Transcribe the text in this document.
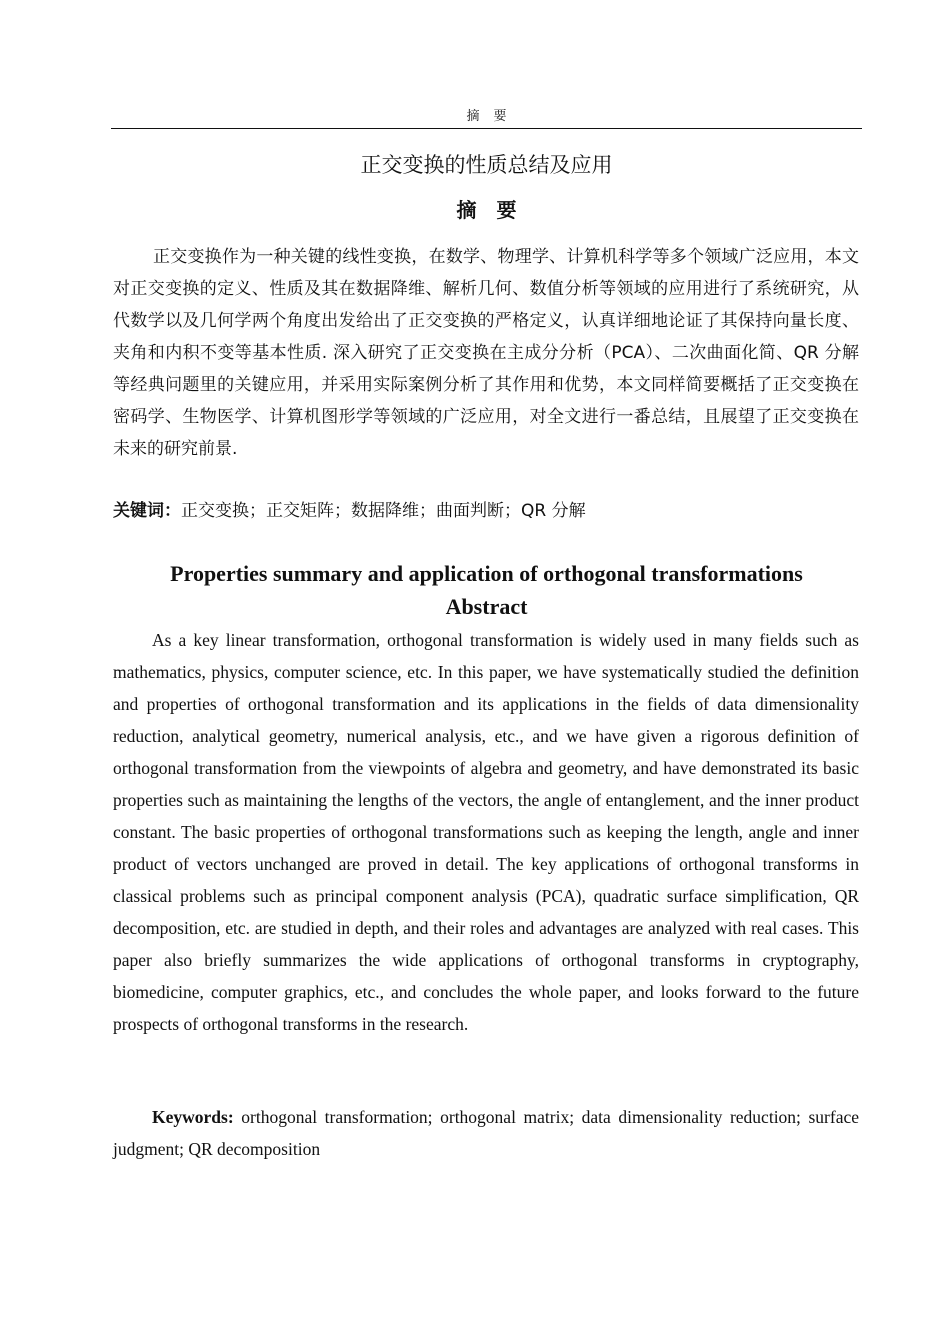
摘要
正交变换的性质总结及应用
摘要
正交变换作为一种关键的线性变换，在数学、物理学、计算机科学等多个领域广泛应用，本文对正交变换的定义、性质及其在数据降维、解析几何、数值分析等领域的应用进行了系统研究，从代数学以及几何学两个角度出发给出了正交变换的严格定义，认真详细地论证了其保持向量长度、夹角和内积不变等基本性质. 深入研究了正交变换在主成分分析（PCA）、二次曲面化简、QR 分解等经典问题里的关键应用，并采用实际案例分析了其作用和优势，本文同样简要概括了正交变换在密码学、生物医学、计算机图形学等领域的广泛应用，对全文进行一番总结，且展望了正交变换在未来的研究前景.
关键词：正交变换；正交矩阵；数据降维；曲面判断；QR 分解
Properties summary and application of orthogonal transformations
Abstract
As a key linear transformation, orthogonal transformation is widely used in many fields such as mathematics, physics, computer science, etc. In this paper, we have systematically studied the definition and properties of orthogonal transformation and its applications in the fields of data dimensionality reduction, analytical geometry, numerical analysis, etc., and we have given a rigorous definition of orthogonal transformation from the viewpoints of algebra and geometry, and have demonstrated its basic properties such as maintaining the lengths of the vectors, the angle of entanglement, and the inner product constant. The basic properties of orthogonal transformations such as keeping the length, angle and inner product of vectors unchanged are proved in detail. The key applications of orthogonal transforms in classical problems such as principal component analysis (PCA), quadratic surface simplification, QR decomposition, etc. are studied in depth, and their roles and advantages are analyzed with real cases. This paper also briefly summarizes the wide applications of orthogonal transforms in cryptography, biomedicine, computer graphics, etc., and concludes the whole paper, and looks forward to the future prospects of orthogonal transforms in the research.
Keywords: orthogonal transformation; orthogonal matrix; data dimensionality reduction; surface judgment; QR decomposition
